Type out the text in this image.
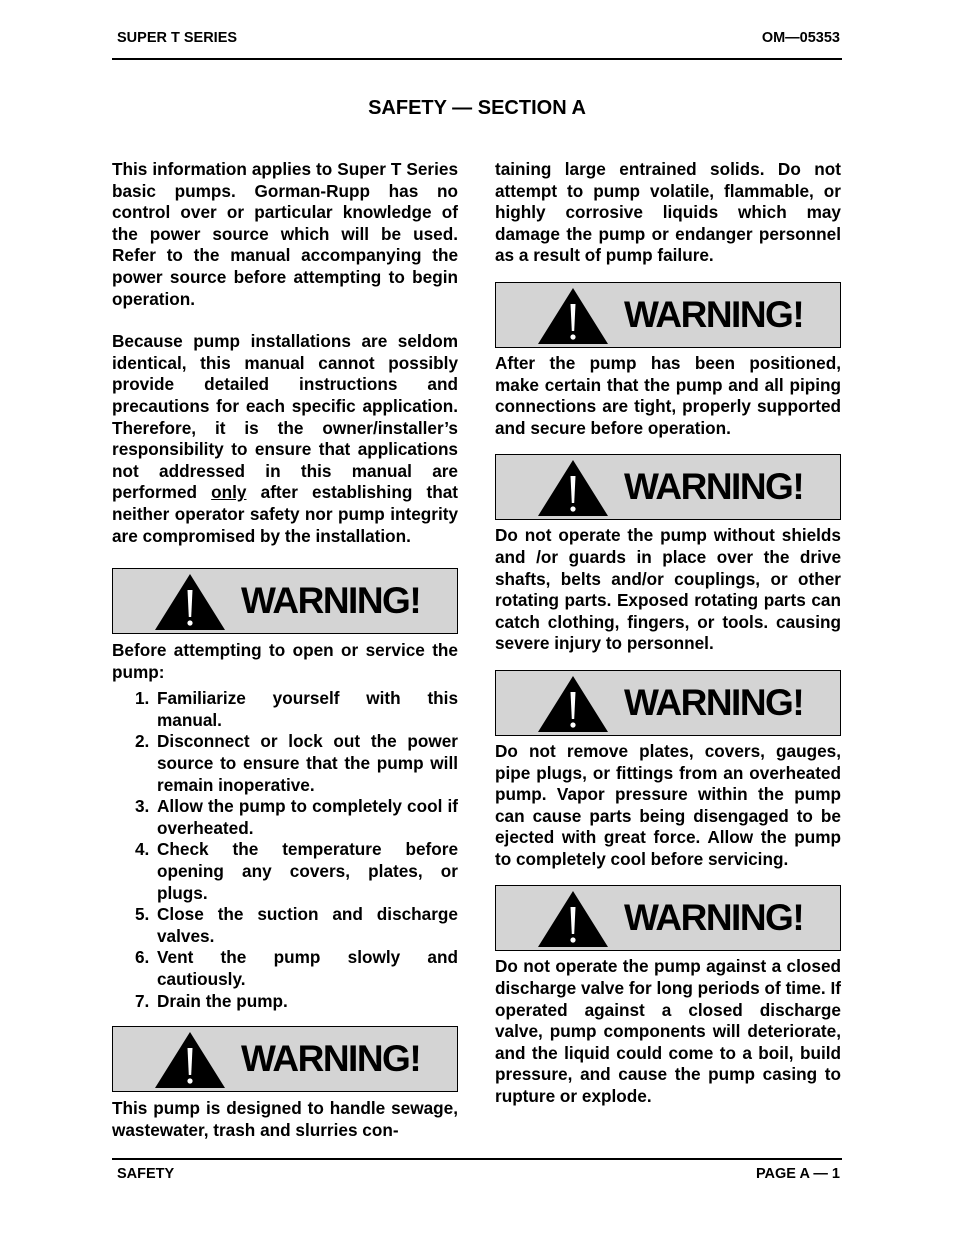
SUPER T SERIES	OM—05353
SAFETY — SECTION A

This information applies to Super T Series basic pumps. Gorman-Rupp has no control over or particular knowledge of the power source which will be used. Refer to the manual accompanying the power source before attempting to begin operation.

Because pump installations are seldom identical, this manual cannot possibly provide detailed instructions and precautions for each specific application. Therefore, it is the owner/installer’s responsibility to ensure that applications not addressed in this manual are performed only after establishing that neither operator safety nor pump integrity are compromised by the installation.

WARNING!

Before attempting to open or service the pump:

1. Familiarize yourself with this manual.
2. Disconnect or lock out the power source to ensure that the pump will remain inoperative.
3. Allow the pump to completely cool if overheated.
4. Check the temperature before opening any covers, plates, or plugs.
5. Close the suction and discharge valves.
6. Vent the pump slowly and cautiously.
7. Drain the pump.
WARNING!

This pump is designed to handle sewage, wastewater, trash and slurries con-

taining large entrained solids. Do not attempt to pump volatile, flammable, or highly corrosive liquids which may damage the pump or endanger personnel as a result of pump failure.

WARNING!

After the pump has been positioned, make certain that the pump and all piping connections are tight, properly supported and secure before operation.

WARNING!

Do not operate the pump without shields and /or guards in place over the drive shafts, belts and/or couplings, or other rotating parts. Exposed rotating parts can catch clothing, fingers, or tools. causing severe injury to personnel.

WARNING!

Do not remove plates, covers, gauges, pipe plugs, or fittings from an overheated pump. Vapor pressure within the pump can cause parts being disengaged to be ejected with great force. Allow the pump to completely cool before servicing.

WARNING!

Do not operate the pump against a closed discharge valve for long periods of time. If operated against a closed discharge valve, pump components will deteriorate, and the liquid could come to a boil, build pressure, and cause the pump casing to rupture or explode.

SAFETY	PAGE A — 1
